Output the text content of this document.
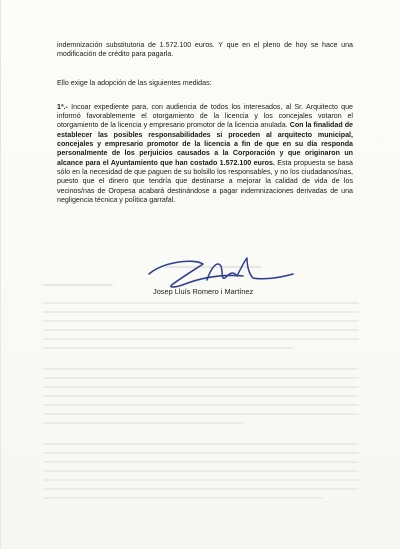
indemnización substitutoria de 1.572.100 euros. Y que en el pleno de hoy se hace una modificación de crédito para pagarla.

Ello exige la adopción de las siguientes medidas:

1ª.- Incoar expediente para, con audiencia de todos los interesados, al Sr. Arquitecto que informó favorablemente el otorgamiento de la licencia y los concejales votaron el otorgamiento de la licencia y empresario promotor de la licencia anulada. Con la finalidad de establecer las posibles responsabilidades si proceden al arquitecto municipal, concejales y empresario promotor de la licencia a fin de que en su día responda personalmente de los perjuicios causados a la Corporación y que originaron un alcance para el Ayuntamiento que han costado 1.572.100 euros. Esta propuesta se basa sólo en la necesidad de que paguen de su bolsillo los responsables, y no los ciudadanos/nas, puesto que el dinero que tendría que destinarse a mejorar la calidad de vida de los vecinos/nas de Oropesa acabará destinándose a pagar indemnizaciones derivadas de una negligencia técnica y política garrafal.

Josep Lluís Romero i Martínez
